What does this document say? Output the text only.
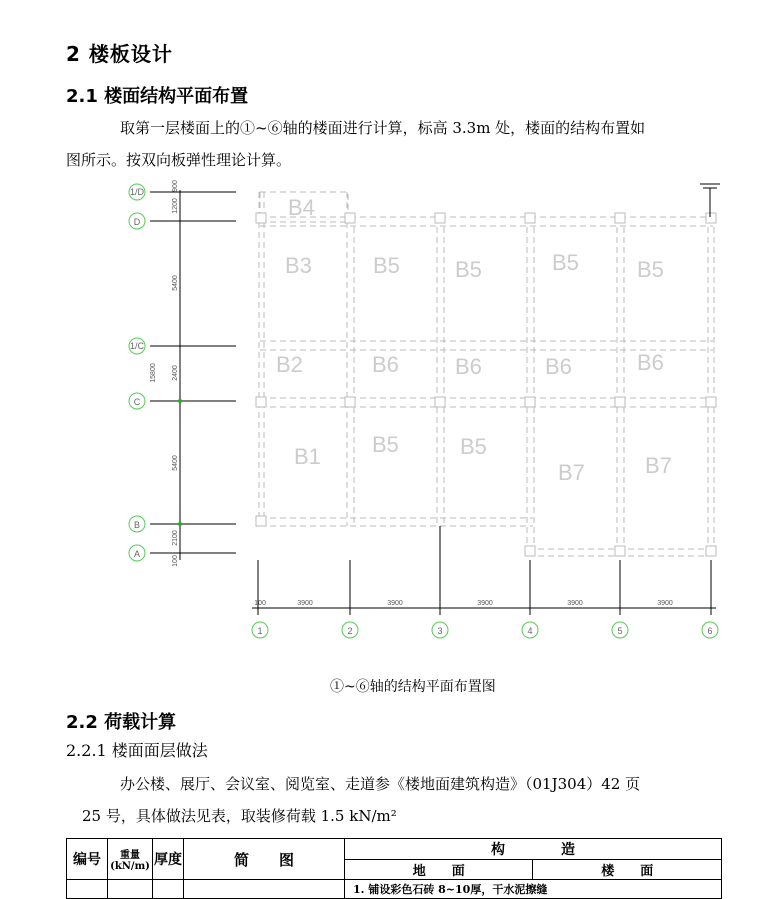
2 楼板设计
2.1 楼面结构平面布置
取第一层楼面上的①~⑥轴的楼面进行计算，标高 3.3m 处，楼面的结构布置如
图所示。按双向板弹性理论计算。
1/D
D
1/C
C
B
A
1	2	3	4	5	6
1200
5400
2400
15800
5400
2100
100
900
100	3900	3900	3900	3900	3900
B4
B3	B5	B5	B5	B5
B2	B6	B6	B6	B6
B1 B5	B5
B7	B7
①~⑥轴的结构平面布置图
2.2 荷载计算
2.2.1 楼面面层做法
办公楼、展厅、会议室、阅览室、走道参《楼地面建筑构造》（01J304）42 页
25 号，具体做法见表，取装修荷载 1.5 kN/m²
编号	重量(kN/m)	厚度	简　　图	构　　　　造	
				地　　面	楼　　面
				1. 铺设彩色石砖 8~10厚，干水泥擦缝	
